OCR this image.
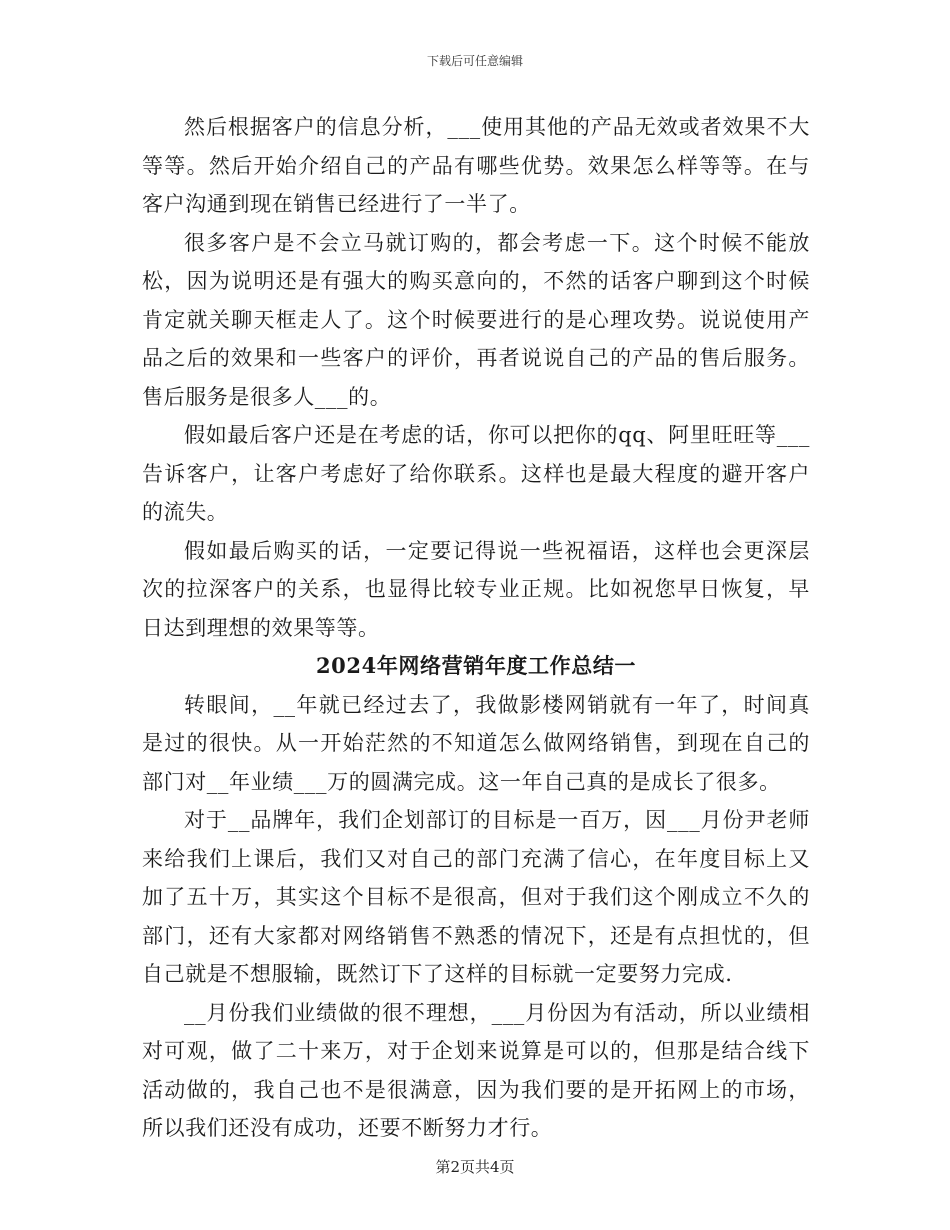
下载后可任意编辑

然后根据客户的信息分析，___使用其他的产品无效或者效果不大等等。然后开始介绍自己的产品有哪些优势。效果怎么样等等。在与客户沟通到现在销售已经进行了一半了。

很多客户是不会立马就订购的，都会考虑一下。这个时候不能放松，因为说明还是有强大的购买意向的，不然的话客户聊到这个时候肯定就关聊天框走人了。这个时候要进行的是心理攻势。说说使用产品之后的效果和一些客户的评价，再者说说自己的产品的售后服务。售后服务是很多人___的。

假如最后客户还是在考虑的话，你可以把你的qq、阿里旺旺等___告诉客户，让客户考虑好了给你联系。这样也是最大程度的避开客户的流失。

假如最后购买的话，一定要记得说一些祝福语，这样也会更深层次的拉深客户的关系，也显得比较专业正规。比如祝您早日恢复，早日达到理想的效果等等。

2024年网络营销年度工作总结一

转眼间，__年就已经过去了，我做影楼网销就有一年了，时间真是过的很快。从一开始茫然的不知道怎么做网络销售，到现在自己的部门对__年业绩___万的圆满完成。这一年自己真的是成长了很多。

对于__品牌年，我们企划部订的目标是一百万，因___月份尹老师来给我们上课后，我们又对自己的部门充满了信心，在年度目标上又加了五十万，其实这个目标不是很高，但对于我们这个刚成立不久的部门，还有大家都对网络销售不熟悉的情况下，还是有点担忧的，但自己就是不想服输，既然订下了这样的目标就一定要努力完成.

__月份我们业绩做的很不理想，___月份因为有活动，所以业绩相对可观，做了二十来万，对于企划来说算是可以的，但那是结合线下活动做的，我自己也不是很满意，因为我们要的是开拓网上的市场，所以我们还没有成功，还要不断努力才行。

第2页共4页
